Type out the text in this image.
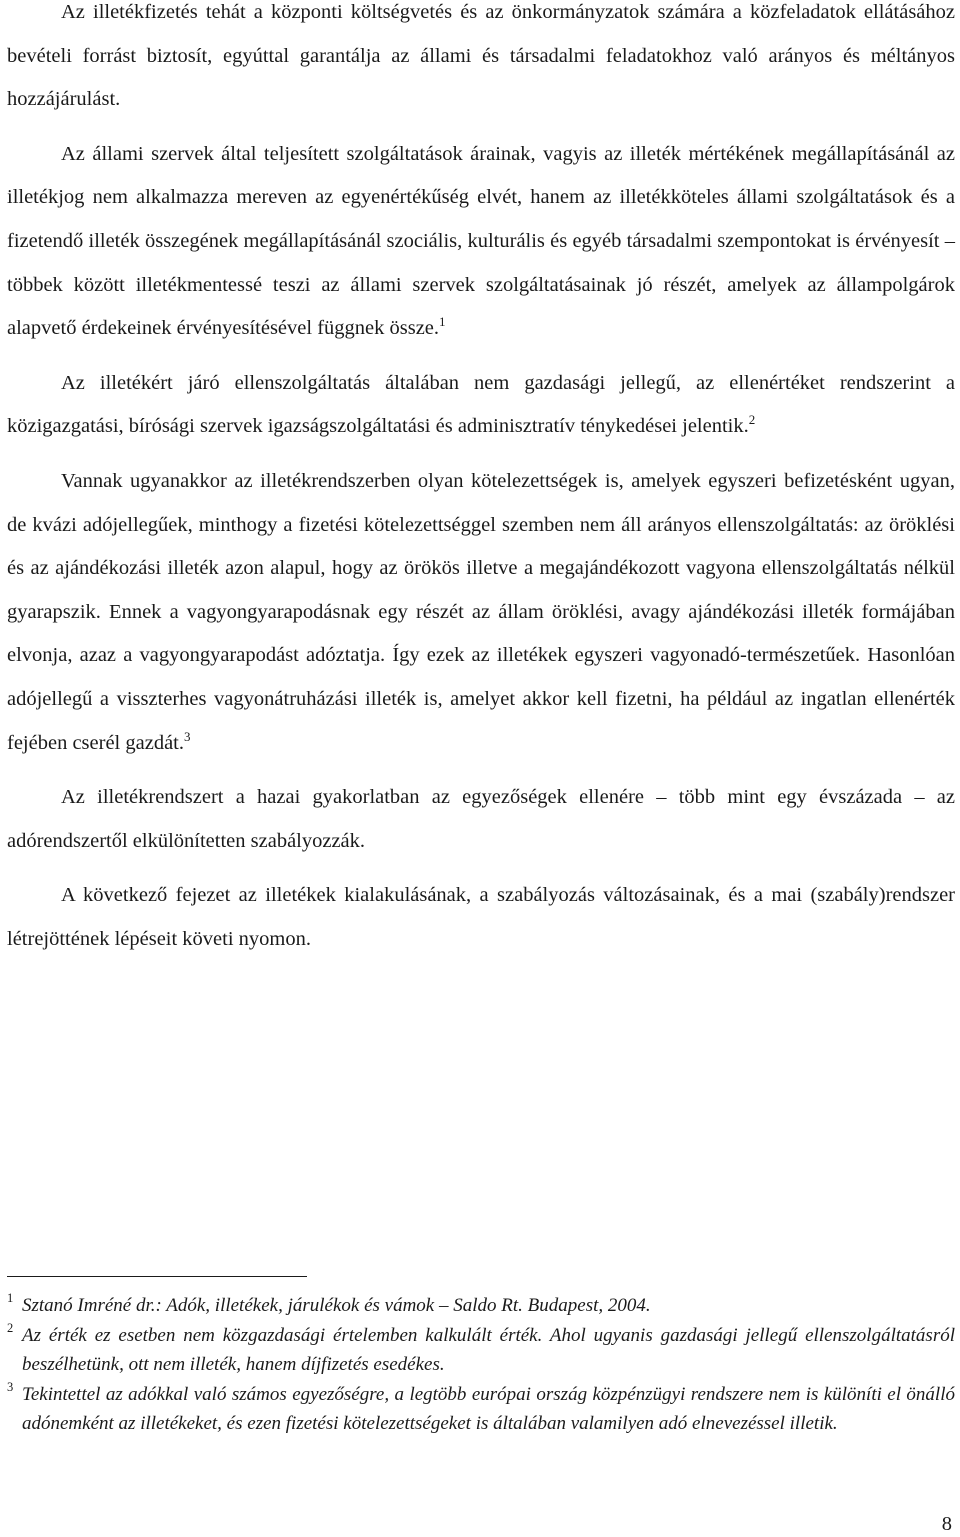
Az illetékfizetés tehát a központi költségvetés és az önkormányzatok számára a közfeladatok ellátásához bevételi forrást biztosít, egyúttal garantálja az állami és társadalmi feladatokhoz való arányos és méltányos hozzájárulást.

Az állami szervek által teljesített szolgáltatások árainak, vagyis az illeték mértékének megállapításánál az illetékjog nem alkalmazza mereven az egyenértékűség elvét, hanem az illetékköteles állami szolgáltatások és a fizetendő illeték összegének megállapításánál szociális, kulturális és egyéb társadalmi szempontokat is érvényesít – többek között illetékmentessé teszi az állami szervek szolgáltatásainak jó részét, amelyek az állampolgárok alapvető érdekeinek érvényesítésével függnek össze.$^1$

Az illetékért járó ellenszolgáltatás általában nem gazdasági jellegű, az ellenértéket rendszerint a közigazgatási, bírósági szervek igazságszolgáltatási és adminisztratív ténykedései jelentik.$^2$

Vannak ugyanakkor az illetékrendszerben olyan kötelezettségek is, amelyek egyszeri befizetésként ugyan, de kvázi adójellegűek, minthogy a fizetési kötelezettséggel szemben nem áll arányos ellenszolgáltatás: az öröklési és az ajándékozási illeték azon alapul, hogy az örökös illetve a megajándékozott vagyona ellenszolgáltatás nélkül gyarapszik. Ennek a vagyongyarapodásnak egy részét az állam öröklési, avagy ajándékozási illeték formájában elvonja, azaz a vagyongyarapodást adóztatja. Így ezek az illetékek egyszeri vagyonadó-természetűek. Hasonlóan adójellegű a visszterhes vagyonátruházási illeték is, amelyet akkor kell fizetni, ha például az ingatlan ellenérték fejében cserél gazdát.$^3$

Az illetékrendszert a hazai gyakorlatban az egyezőségek ellenére – több mint egy évszázada – az adórendszertől elkülönítetten szabályozzák.

A következő fejezet az illetékek kialakulásának, a szabályozás változásainak, és a mai (szabály)rendszer létrejöttének lépéseit követi nyomon.

1 Sztanó Imréné dr.: Adók, illetékek, járulékok és vámok – Saldo Rt. Budapest, 2004.

2 Az érték ez esetben nem közgazdasági értelemben kalkulált érték. Ahol ugyanis gazdasági jellegű ellenszolgáltatásról beszélhetünk, ott nem illeték, hanem díjfizetés esedékes.

3 Tekintettel az adókkal való számos egyezőségre, a legtöbb európai ország közpénzügyi rendszere nem is különíti el önálló adónemként az illetékeket, és ezen fizetési kötelezettségeket is általában valamilyen adó elnevezéssel illetik.

8
